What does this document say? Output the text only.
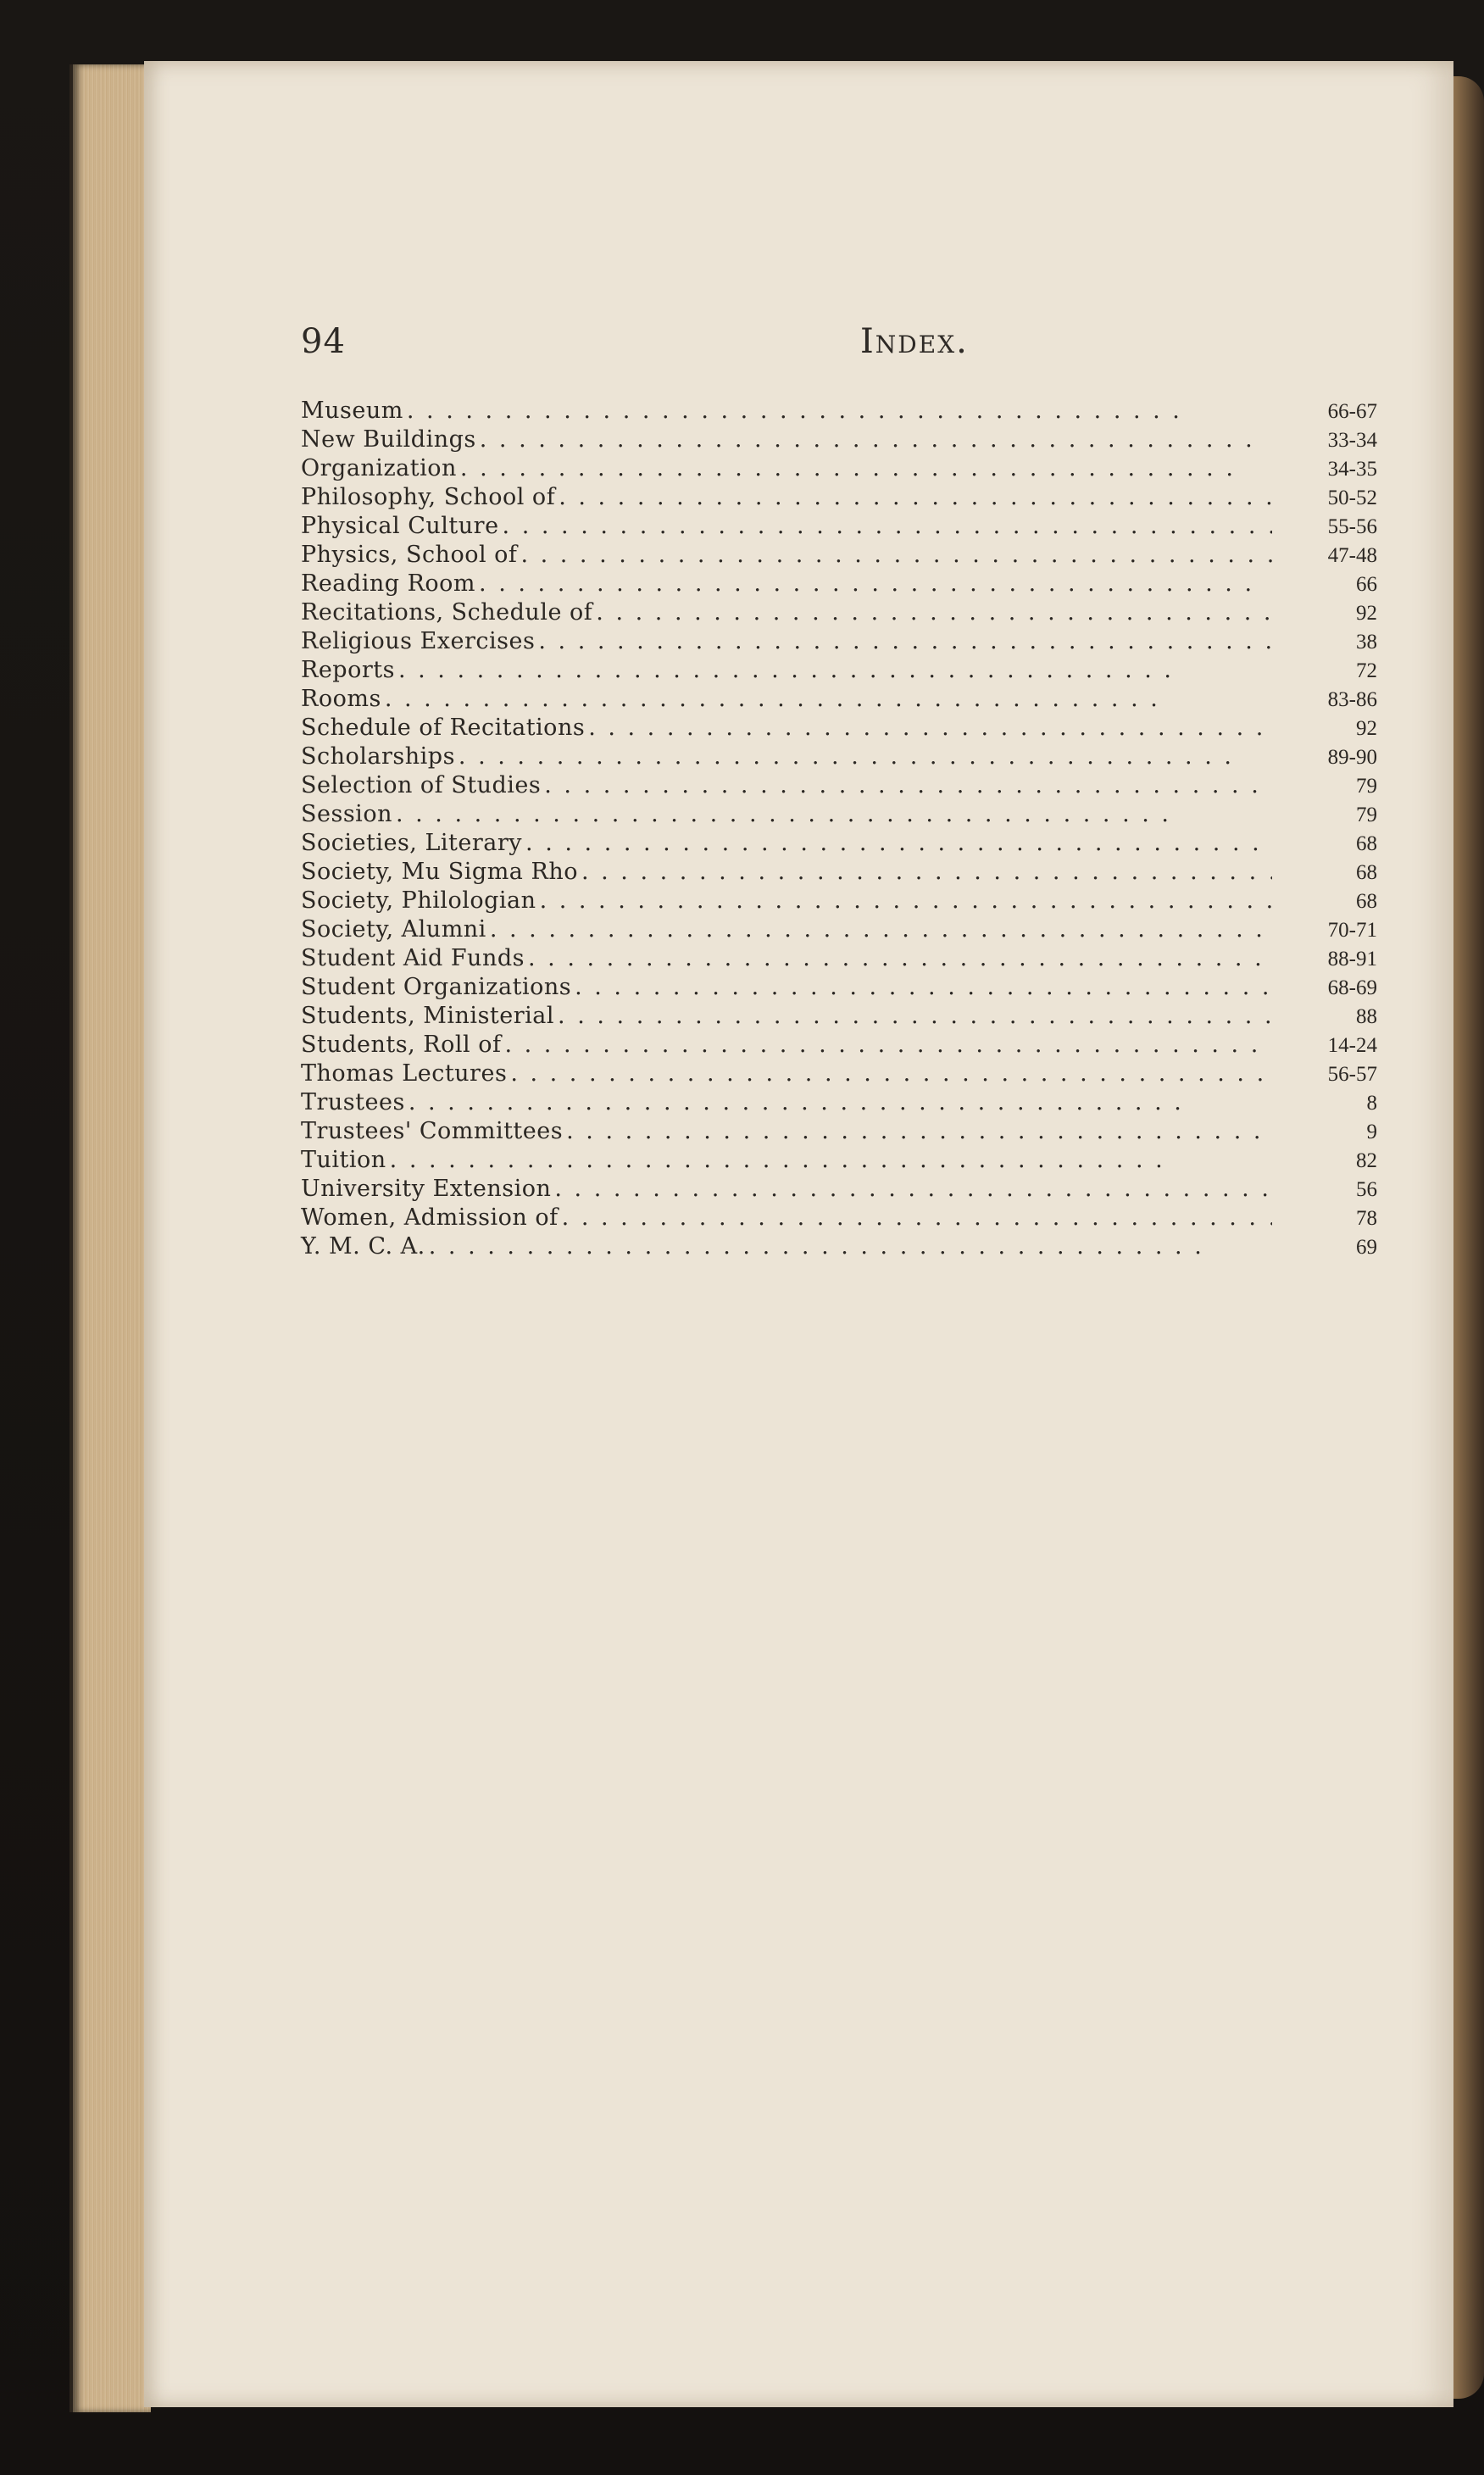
94	Index.
Museum . . .	66-67
New Buildings . . .	33-34
Organization . . .	34-35
Philosophy, School of . . .	50-52
Physical Culture . . .	55-56
Physics, School of . . .	47-48
Reading Room . . .	66
Recitations, Schedule of . . .	92
Religious Exercises . . .	38
Reports . . .	72
Rooms . . .	83-86
Schedule of Recitations . . .	92
Scholarships . . .	89-90
Selection of Studies . . .	79
Session . . .	79
Societies, Literary . . .	68
Society, Mu Sigma Rho . . .	68
Society, Philologian . . .	68
Society, Alumni . . .	70-71
Student Aid Funds . . .	88-91
Student Organizations . . .	68-69
Students, Ministerial . . .	88
Students, Roll of . . .	14-24
Thomas Lectures . . .	56-57
Trustees . . .	8
Trustees' Committees . . .	9
Tuition . . .	82
University Extension . . .	56
Women, Admission of . . .	78
Y. M. C. A. . . .	69
